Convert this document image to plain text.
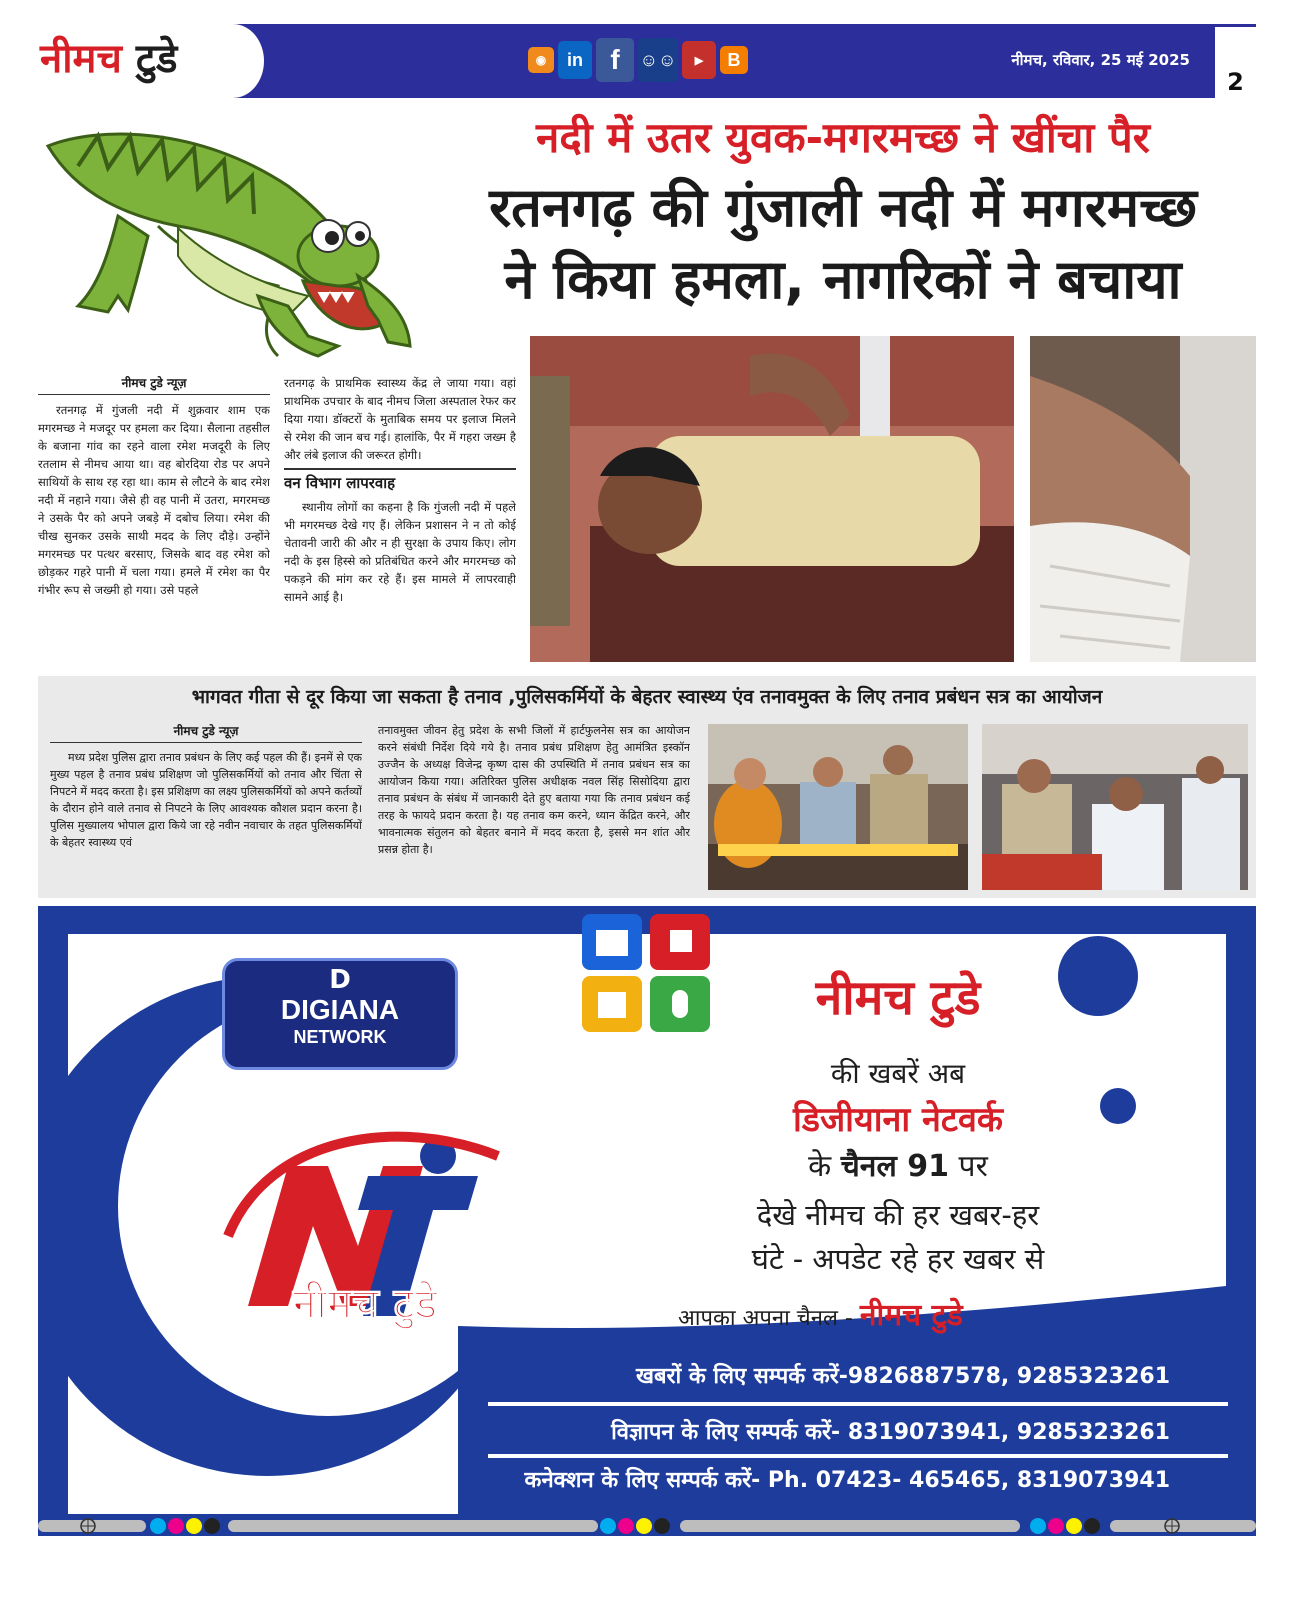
नीमच टुडे	◉	in f	☺☺	▶	B	नीमच, रविवार, 25 मई 2025
2
नदी में उतर युवक-मगरमच्छ ने खींचा पैर
रतनगढ़ की गुंजाली नदी में मगरमच्छ
ने किया हमला, नागरिकों ने बचाया
नीमच टुडे न्यूज़

रतनगढ़ में गुंजली नदी में शुक्रवार शाम एक मगरमच्छ ने मजदूर पर हमला कर दिया। सैलाना तहसील के बजाना गांव का रहने वाला रमेश मजदूरी के लिए रतलाम से नीमच आया था। वह बोरदिया रोड पर अपने साथियों के साथ रह रहा था। काम से लौटने के बाद रमेश नदी में नहाने गया। जैसे ही वह पानी में उतरा, मगरमच्छ ने उसके पैर को अपने जबड़े में दबोच लिया। रमेश की चीख सुनकर उसके साथी मदद के लिए दौड़े। उन्होंने मगरमच्छ पर पत्थर बरसाए, जिसके बाद वह रमेश को छोड़कर गहरे पानी में चला गया। हमले में रमेश का पैर गंभीर रूप से जख्मी हो गया। उसे पहले

रतनगढ़ के प्राथमिक स्वास्थ्य केंद्र ले जाया गया। वहां प्राथमिक उपचार के बाद नीमच जिला अस्पताल रेफर कर दिया गया। डॉक्टरों के मुताबिक समय पर इलाज मिलने से रमेश की जान बच गई। हालांकि, पैर में गहरा जख्म है और लंबे इलाज की जरूरत होगी।

वन विभाग लापरवाह

स्थानीय लोगों का कहना है कि गुंजली नदी में पहले भी मगरमच्छ देखे गए हैं। लेकिन प्रशासन ने न तो कोई चेतावनी जारी की और न ही सुरक्षा के उपाय किए। लोग नदी के इस हिस्से को प्रतिबंधित करने और मगरमच्छ को पकड़ने की मांग कर रहे हैं। इस मामले में लापरवाही सामने आई है।

भागवत गीता से दूर किया जा सकता है तनाव ,पुलिसकर्मियों के बेहतर स्वास्थ्य एंव तनावमुक्त के लिए तनाव प्रबंधन सत्र का आयोजन
नीमच टुडे न्यूज़

मध्य प्रदेश पुलिस द्वारा तनाव प्रबंधन के लिए कई पहल की हैं। इनमें से एक मुख्य पहल है तनाव प्रबंध प्रशिक्षण जो पुलिसकर्मियों को तनाव और चिंता से निपटने में मदद करता है। इस प्रशिक्षण का लक्ष्य पुलिसकर्मियों को अपने कर्तव्यों के दौरान होने वाले तनाव से निपटने के लिए आवश्यक कौशल प्रदान करना है। पुलिस मुख्यालय भोपाल द्वारा किये जा रहे नवीन नवाचार के तहत पुलिसकर्मियों के बेहतर स्वास्थ्य एवं

तनावमुक्त जीवन हेतु प्रदेश के सभी जिलों में हार्टफुलनेस सत्र का आयोजन करने संबंधी निर्देश दिये गये है। तनाव प्रबंध प्रशिक्षण हेतु आमंत्रित इस्कॉन उज्जैन के अध्यक्ष विजेन्द्र कृष्ण दास की उपस्थिति में तनाव प्रबंधन सत्र का आयोजन किया गया। अतिरिक्त पुलिस अधीक्षक नवल सिंह सिसोदिया द्वारा तनाव प्रबंधन के संबंध में जानकारी देते हुए बताया गया कि तनाव प्रबंधन कई तरह के फायदे प्रदान करता है। यह तनाव कम करने, ध्यान केंद्रित करने, और भावनात्मक संतुलन को बेहतर बनाने में मदद करता है, इससे मन शांत और प्रसन्न होता है।

नीमच टुडे
की खबरें अब
डिजीयाना नेटवर्क
के चैनल 91 पर
देखे नीमच की हर खबर-हर
घंटे - अपडेट रहे हर खबर से
आपका अपना चैनल - नीमच टुडे
खबरों के लिए सम्पर्क करें-9826887578, 9285323261
विज्ञापन के लिए सम्पर्क करें- 8319073941, 9285323261
कनेक्शन के लिए सम्पर्क करें- Ph. 07423- 465465, 8319073941
D
DIGIANA
NETWORK
नीमच टुडे
